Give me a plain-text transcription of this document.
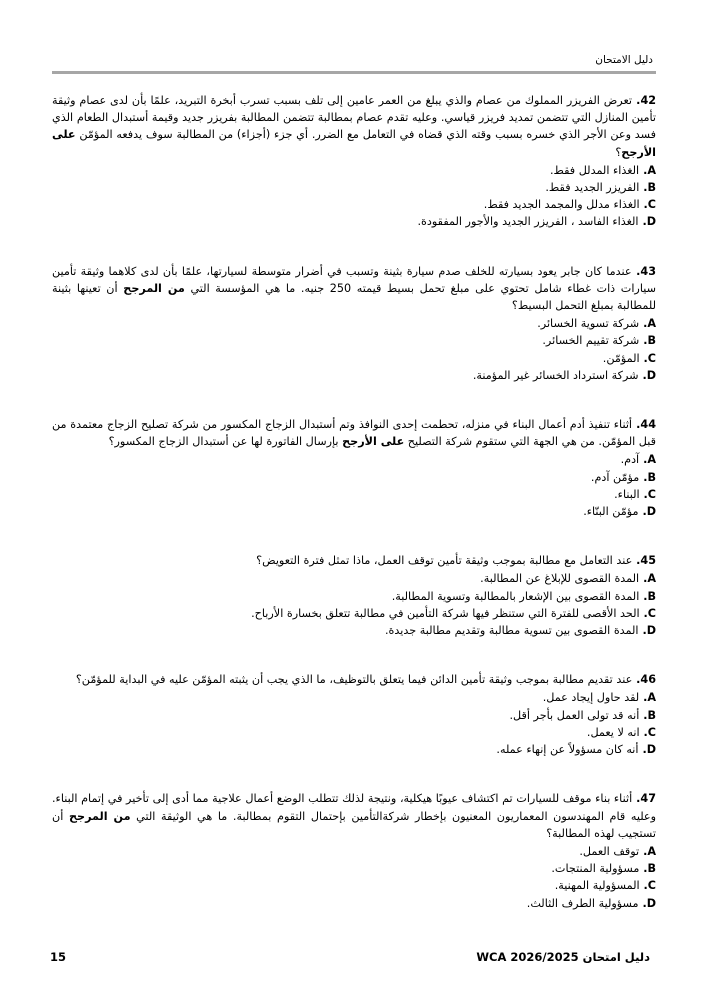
دليل الامتحان

42. تعرض الفريزر المملوك من عصام والذي يبلغ من العمر عامين إلى تلف بسبب تسرب أبخرة التبريد، علمًا بأن لدى عصام وثيقة تأمين المنازل التي تتضمن تمديد فريزر قياسي. وعليه تقدم عصام بمطالبة تتضمن المطالبة بفريزر جديد وقيمة أستبدال الطعام الذي فسد وعن الأجر الذي خسره بسبب وقته الذي قضاه في التعامل مع الضرر. أي جزء (أجزاء) من المطالبة سوف يدفعه المؤمّن على الأرجح؟

A. الغذاء المدلل فقط.
B. الفريزر الجديد فقط.
C. الغذاء مدلل والمجمد الجديد فقط.
D. الغذاء الفاسد ، الفريزر الجديد والأجور المفقودة.

43. عندما كان جابر يعود بسيارته للخلف صدم سيارة بثينة وتسبب في أضرار متوسطة لسيارتها، علمًا بأن لدى كلاهما وثيقة تأمين سيارات ذات غطاء شامل تحتوي على مبلغ تحمل بسيط قيمته 250 جنيه. ما هي المؤسسة التي من المرجح أن تعينها بثينة للمطالبة بمبلغ التحمل البسيط؟

A. شركة تسوية الخسائر.
B. شركة تقييم الخسائر.
C. المؤمّن.
D. شركة استرداد الخسائر غير المؤمنة.

44. أثناء تنفيذ أدم أعمال البناء في منزله، تحطمت إحدى النوافذ وتم أستبدال الزجاج المكسور من شركة تصليح الزجاج معتمدة من قبل المؤمّن. من هي الجهة التي ستقوم شركة التصليح على الأرجح بإرسال الفاتورة لها عن أستبدال الزجاج المكسور؟

A. آدم.
B. مؤمّن آدم.
C. البناء.
D. مؤمّن البنّاء.

45. عند التعامل مع مطالبة بموجب وثيقة تأمين توقف العمل، ماذا تمثل فترة التعويض؟

A. المدة القصوى للإبلاغ عن المطالبة.
B. المدة القصوى بين الإشعار بالمطالبة وتسوية المطالبة.
C. الحد الأقصى للفترة التي ستنظر فيها شركة التأمين في مطالبة تتعلق بخسارة الأرباح.
D. المدة القصوى بين تسوية مطالبة وتقديم مطالبة جديدة.

46. عند تقديم مطالبة بموجب وثيقة تأمين الدائن فيما يتعلق بالتوظيف، ما الذي يجب أن يثبته المؤمّن عليه في البداية للمؤمّن؟

A. لقد حاول إيجاد عمل.
B. أنه قد تولى العمل بأجر أقل.
C. انه لا يعمل.
D. أنه كان مسؤولاً عن إنهاء عمله.

47. أثناء بناء موقف للسيارات تم اكتشاف عيوبًا هيكلية، ونتيجة لذلك تتطلب الوضع أعمال علاجية مما أدى إلى تأخير في إتمام البناء. وعليه قام المهندسون المعماريون المعنيون بإخطار شركةالتأمين بإحتمال التقوم بمطالبة. ما هي الوثيقة التي من المرجح أن تستجيب لهذه المطالبة؟

A. توقف العمل.
B. مسؤولية المنتجات.
C. المسؤولية المهنية.
D. مسؤولية الطرف الثالث.
دليل امتحان WCA 2026/2025
15
